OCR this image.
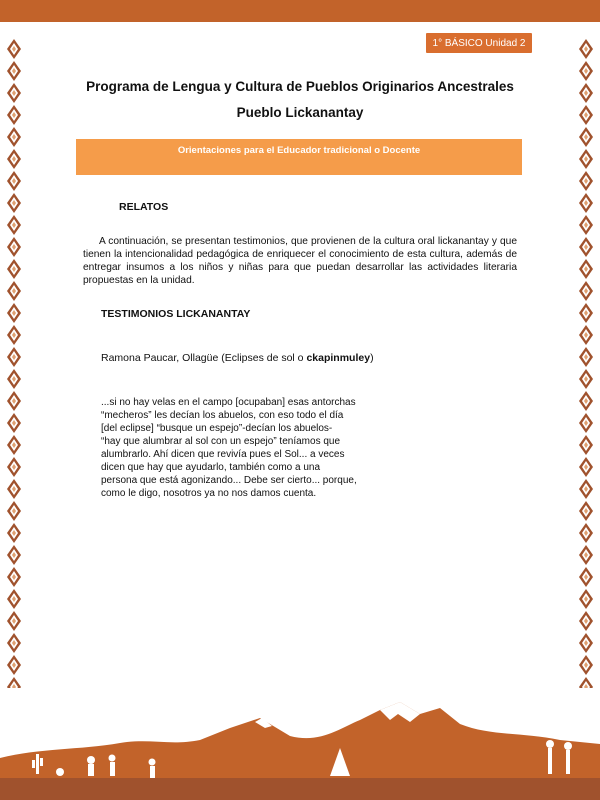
1° BÁSICO Unidad 2
Programa de Lengua y Cultura de Pueblos Originarios Ancestrales
Pueblo Lickanantay
Orientaciones para el Educador tradicional o Docente
RELATOS
A continuación, se presentan testimonios, que provienen de la cultura oral lickanantay y que tienen la intencionalidad pedagógica de enriquecer el conocimiento de esta cultura, además de entregar insumos a los niños y niñas para que puedan desarrollar las actividades literaria propuestas en la unidad.
TESTIMONIOS LICKANANTAY
Ramona Paucar, Ollagüe (Eclipses de sol o ckapinmuley)
...si no hay velas en el campo [ocupaban] esas antorchas
“mecheros” les decían los abuelos, con eso todo el día
[del eclipse] “busque un espejo”-decían los abuelos-
“hay que alumbrar al sol con un espejo” teníamos que
alumbrarlo. Ahí dicen que revivía pues el Sol... a veces
dicen que hay que ayudarlo, también como a una
persona que está agonizando... Debe ser cierto... porque,
como le digo, nosotros ya no nos damos cuenta.
